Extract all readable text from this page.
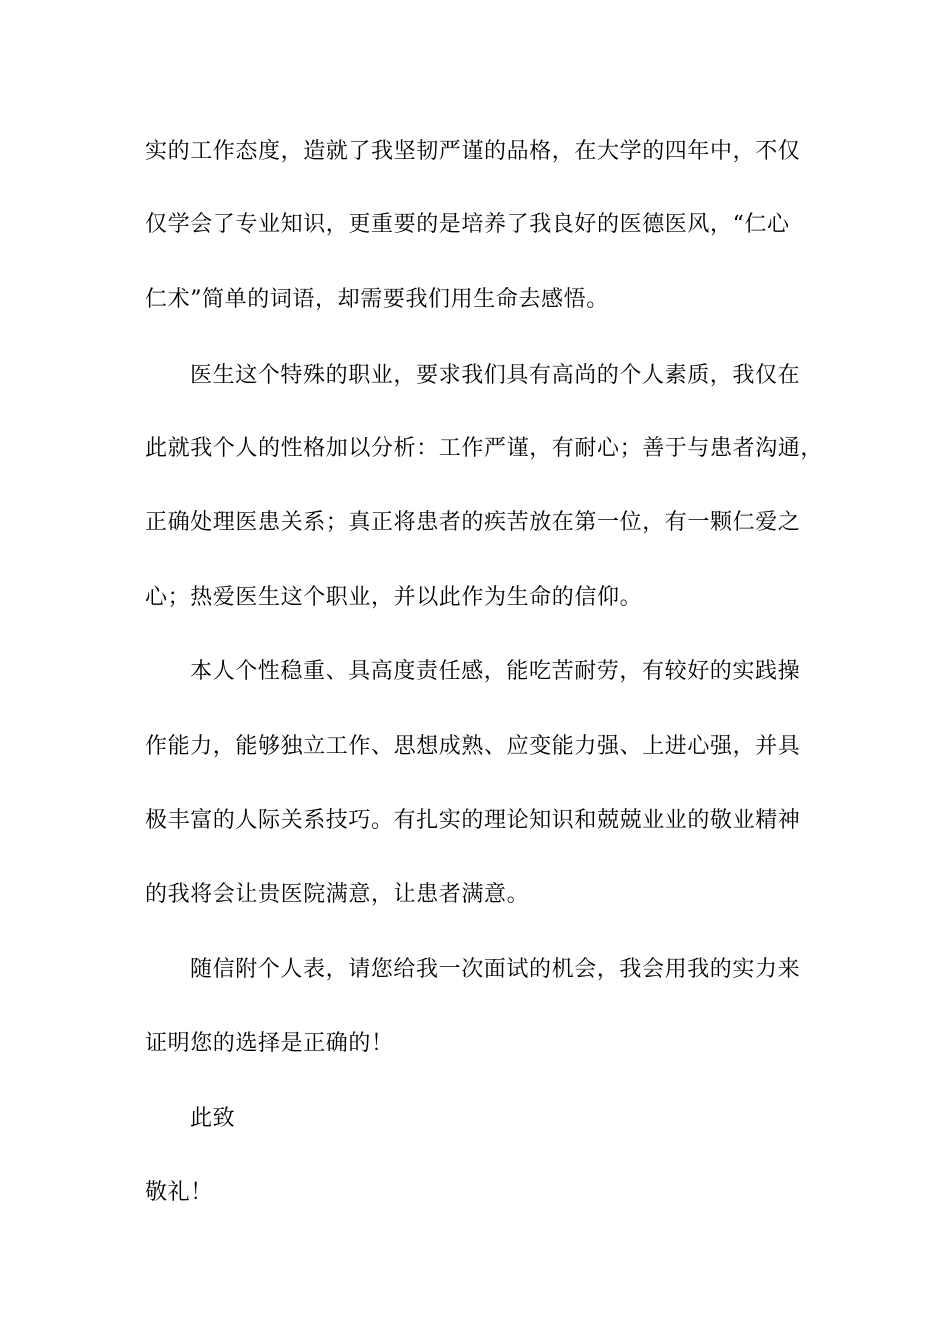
实的工作态度，造就了我坚韧严谨的品格，在大学的四年中，不仅
仅学会了专业知识，更重要的是培养了我良好的医德医风，“仁心
仁术”简单的词语，却需要我们用生命去感悟。
医生这个特殊的职业，要求我们具有高尚的个人素质，我仅在
此就我个人的性格加以分析：工作严谨，有耐心；善于与患者沟通，
正确处理医患关系；真正将患者的疾苦放在第一位，有一颗仁爱之
心；热爱医生这个职业，并以此作为生命的信仰。
本人个性稳重、具高度责任感，能吃苦耐劳，有较好的实践操
作能力，能够独立工作、思想成熟、应变能力强、上进心强，并具
极丰富的人际关系技巧。有扎实的理论知识和兢兢业业的敬业精神
的我将会让贵医院满意，让患者满意。
随信附个人表，请您给我一次面试的机会，我会用我的实力来
证明您的选择是正确的！
此致
敬礼！
